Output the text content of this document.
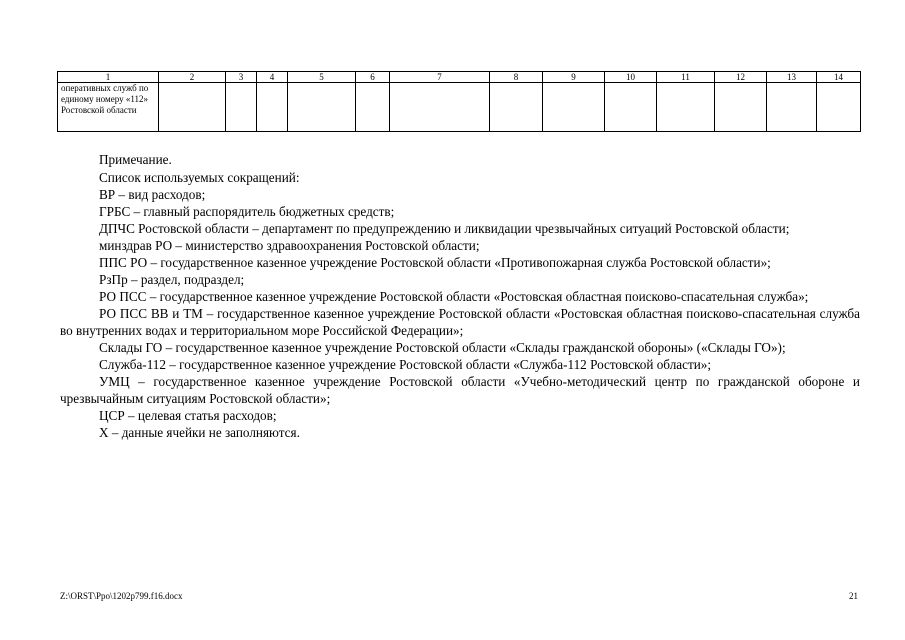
1	2	3	4	5	6	7	8	9	10	11	12	13	14
оперативных служб по единому номеру «112» Ростовской области													

Примечание.

Список используемых сокращений:

ВР – вид расходов;

ГРБС – главный распорядитель бюджетных средств;

ДПЧС Ростовской области – департамент по предупреждению и ликвидации чрезвычайных ситуаций Ростовской области;

минздрав РО – министерство здравоохранения Ростовской области;

ППС РО – государственное казенное учреждение Ростовской области «Противопожарная служба Ростовской области»;

РзПр – раздел, подраздел;

РО ПСС – государственное казенное учреждение Ростовской области «Ростовская областная поисково-спасательная служба»;

РО ПСС ВВ и ТМ – государственное казенное учреждение Ростовской области «Ростовская областная поисково-спасательная служба во внутренних водах и территориальном море Российской Федерации»;

Склады ГО – государственное казенное учреждение Ростовской области «Склады гражданской обороны» («Склады ГО»);

Служба-112 – государственное казенное учреждение Ростовской области «Служба-112 Ростовской области»;

УМЦ – государственное казенное учреждение Ростовской области «Учебно-методический центр по гражданской обороне и чрезвычайным ситуациям Ростовской области»;

ЦСР – целевая статья расходов;

Х – данные ячейки не заполняются.

Z:\ORST\Ppo\1202p799.f16.docx	21
